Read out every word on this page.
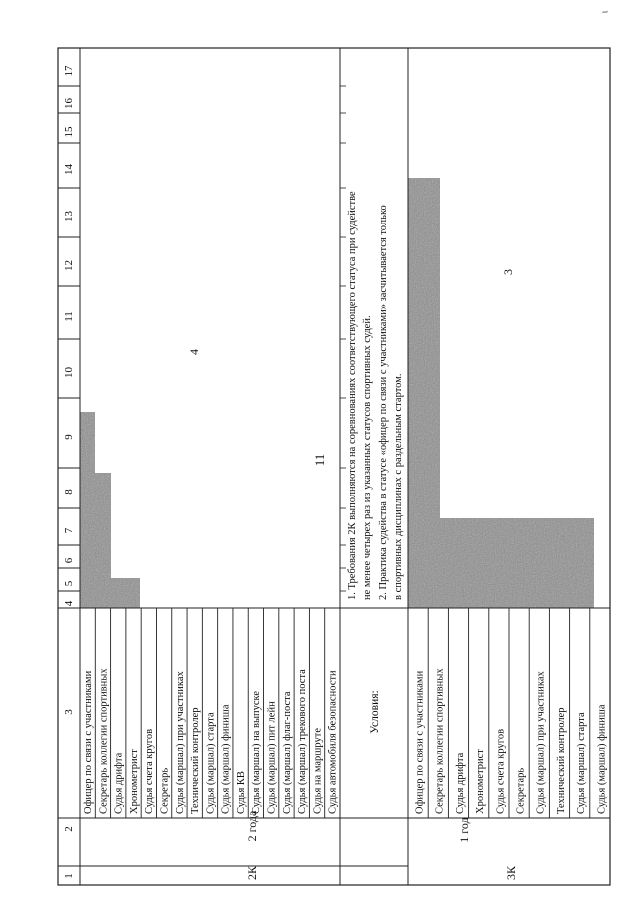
ɩ
1
2
3
4
5
6
7
8
9
10
11
12
13
14
15
16
17
Офицер по связи с участниками Секретарь коллегии спортивных Судья дрифта Хронометрист Судья счета кругов Секретарь Судья (маршал) при участниках Технический контролер Судья (маршал) старта Судья (маршал) финиша Судья КВ Судья (маршал) на выпуске Судья (маршал) пит лейн Судья (маршал) флаг-поста Судья (маршал) трекового поста Судья на маршруте Судья автомобиля безопасности	Офицер по связи с участниками Секретарь коллегии спортивных Судья дрифта Хронометрист Судья счета кругов Секретарь Судья (маршал) при участниках Технический контролер Судья (маршал) старта Судья (маршал) финиша
2К
2 года
3К
1 год
4
3
Условия:
1. Требования 2К выполняются на соревнованиях соответствующего статуса при судействе не менее четырех раз из указанных статусов спортивных судей. 2. Практика судейства в статусе «офицер по связи с участниками» засчитывается только в спортивных дисциплинах с раздельным стартом.
11
